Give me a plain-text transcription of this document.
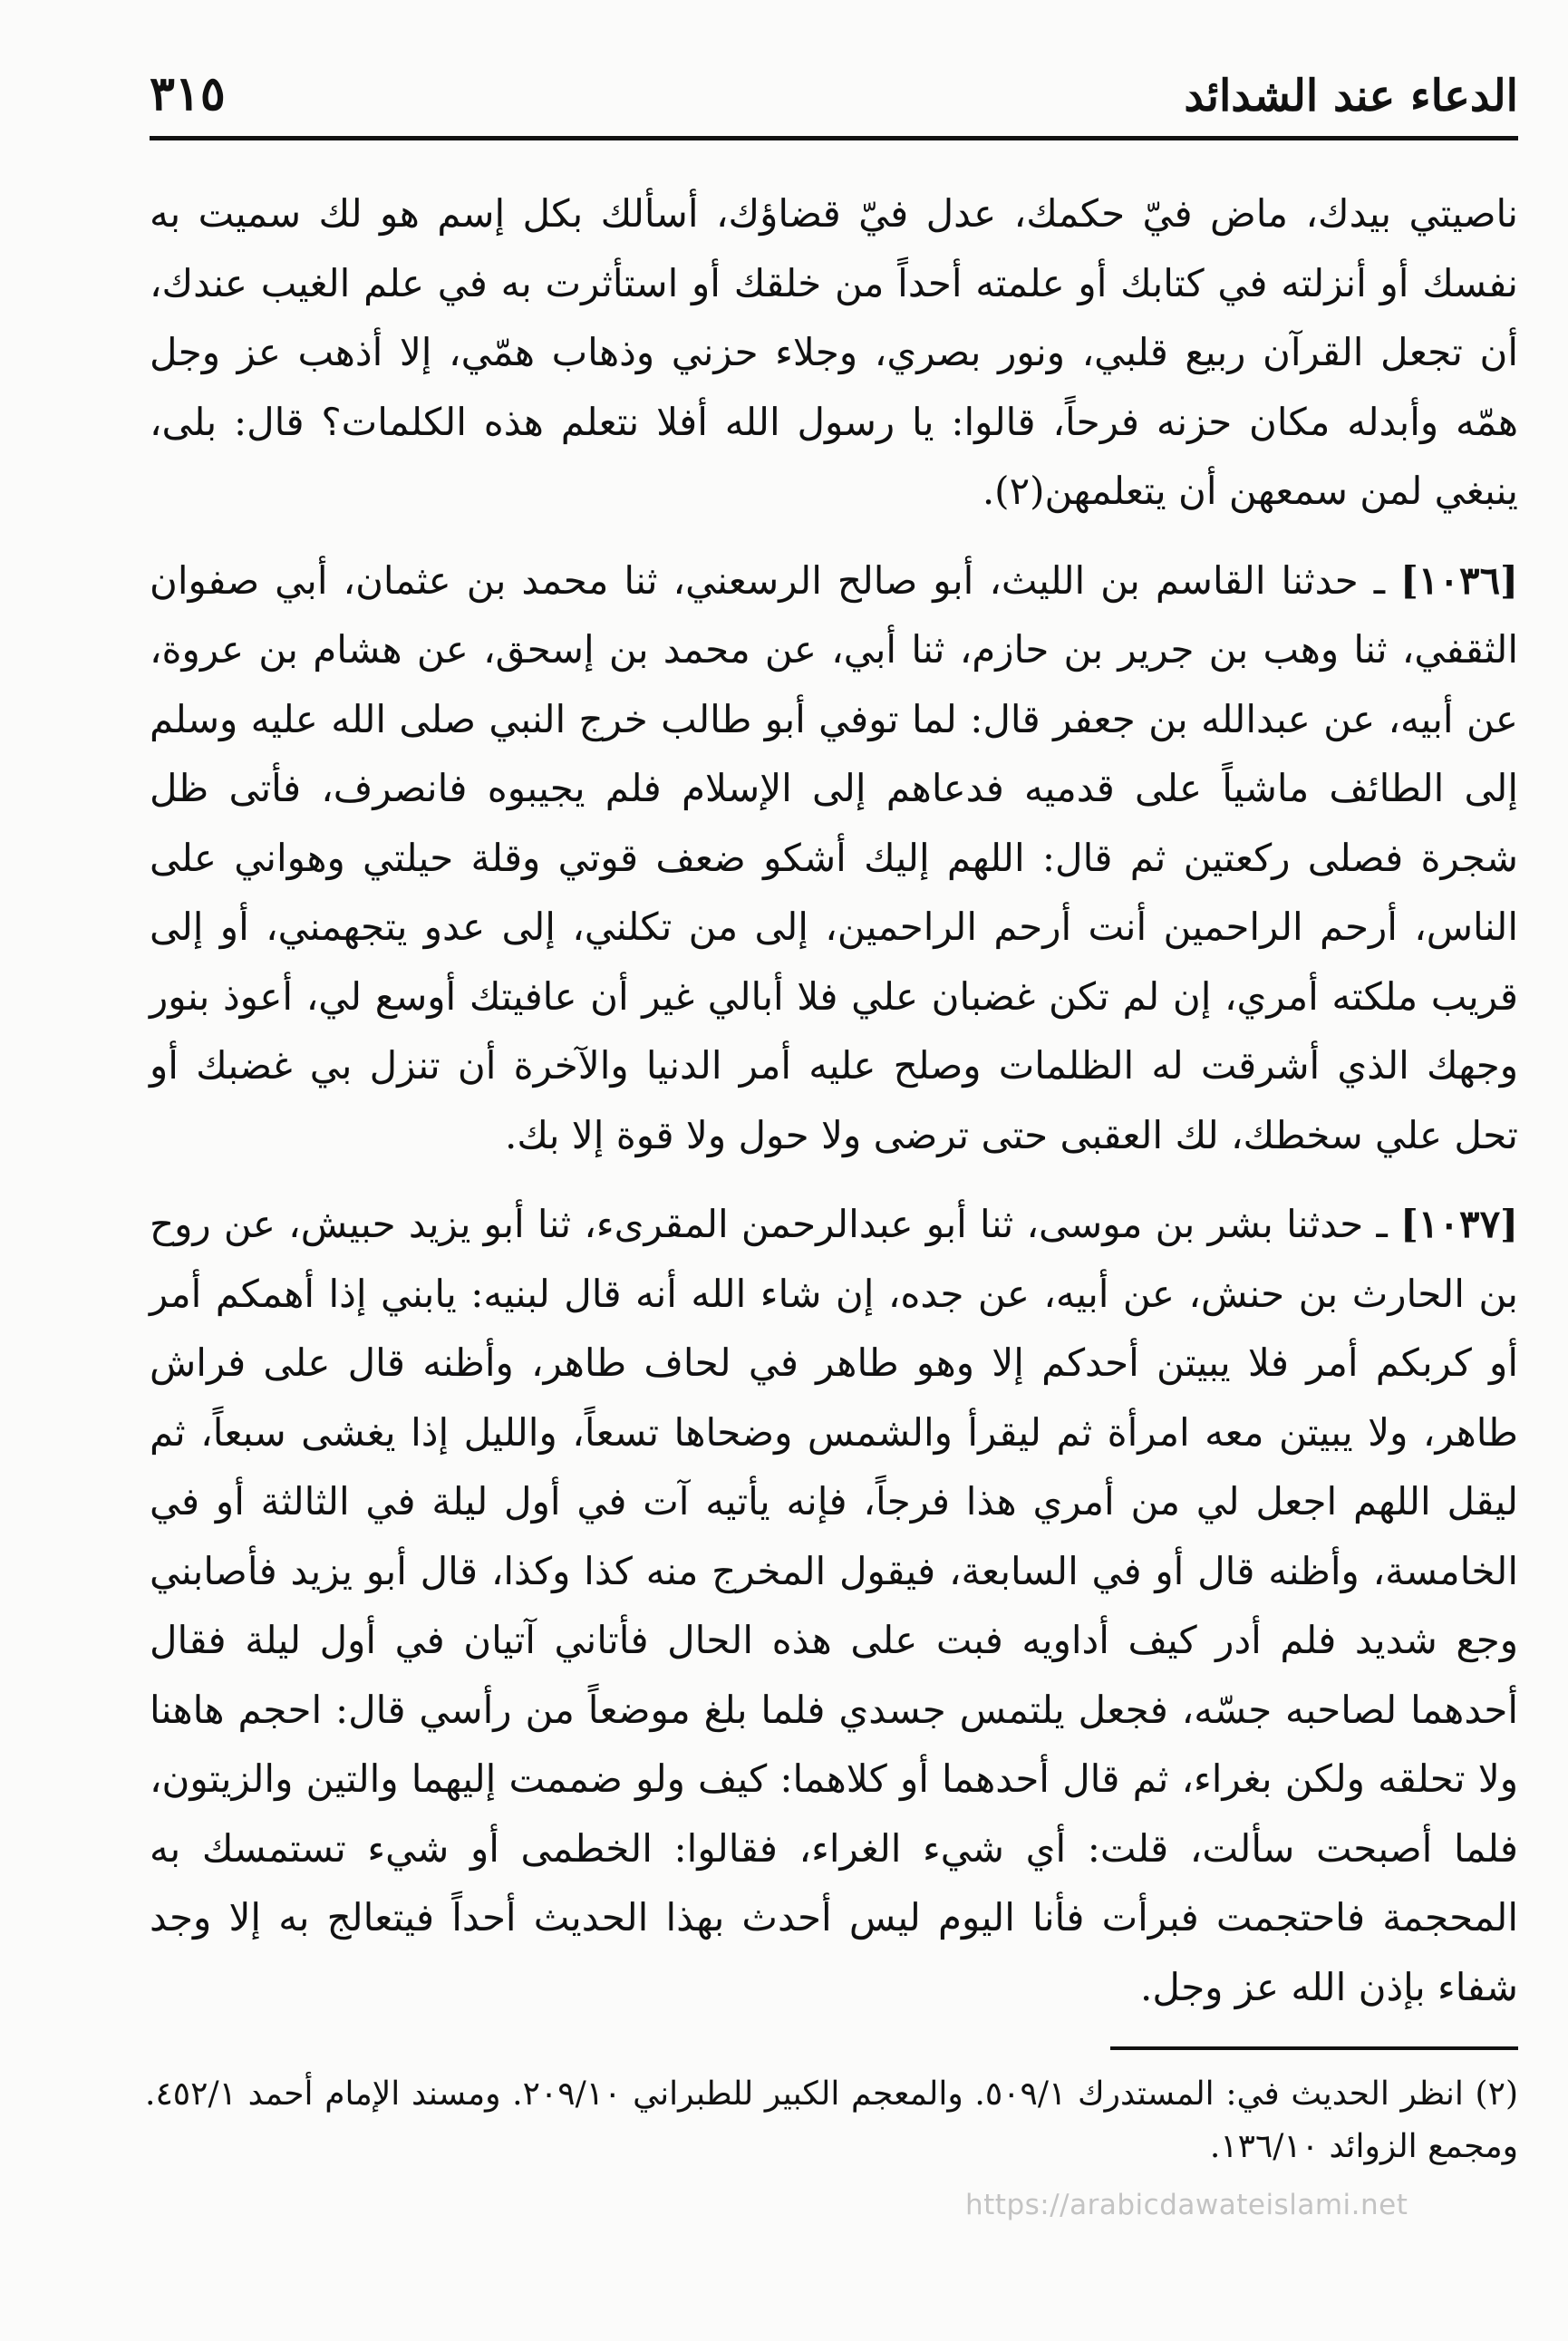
الدعاء عند الشدائد
٣١٥

ناصيتي بيدك، ماض فيّ حكمك، عدل فيّ قضاؤك، أسألك بكل إسم هو لك سميت به نفسك أو أنزلته في كتابك أو علمته أحداً من خلقك أو استأثرت به في علم الغيب عندك، أن تجعل القرآن ربيع قلبي، ونور بصري، وجلاء حزني وذهاب همّي، إلا أذهب عز وجل همّه وأبدله مكان حزنه فرحاً، قالوا: يا رسول الله أفلا نتعلم هذه الكلمات؟ قال: بلى، ينبغي لمن سمعهن أن يتعلمهن(٢).

[١٠٣٦] ـ حدثنا القاسم بن الليث، أبو صالح الرسعني، ثنا محمد بن عثمان، أبي صفوان الثقفي، ثنا وهب بن جرير بن حازم، ثنا أبي، عن محمد بن إسحق، عن هشام بن عروة، عن أبيه، عن عبدالله بن جعفر قال: لما توفي أبو طالب خرج النبي صلى الله عليه وسلم إلى الطائف ماشياً على قدميه فدعاهم إلى الإسلام فلم يجيبوه فانصرف، فأتى ظل شجرة فصلى ركعتين ثم قال: اللهم إليك أشكو ضعف قوتي وقلة حيلتي وهواني على الناس، أرحم الراحمين أنت أرحم الراحمين، إلى من تكلني، إلى عدو يتجهمني، أو إلى قريب ملكته أمري، إن لم تكن غضبان علي فلا أبالي غير أن عافيتك أوسع لي، أعوذ بنور وجهك الذي أشرقت له الظلمات وصلح عليه أمر الدنيا والآخرة أن تنزل بي غضبك أو تحل علي سخطك، لك العقبى حتى ترضى ولا حول ولا قوة إلا بك.

[١٠٣٧] ـ حدثنا بشر بن موسى، ثنا أبو عبدالرحمن المقرىء، ثنا أبو يزيد حبيش، عن روح بن الحارث بن حنش، عن أبيه، عن جده، إن شاء الله أنه قال لبنيه: يابني إذا أهمكم أمر أو كربكم أمر فلا يبيتن أحدكم إلا وهو طاهر في لحاف طاهر، وأظنه قال على فراش طاهر، ولا يبيتن معه امرأة ثم ليقرأ والشمس وضحاها تسعاً، والليل إذا يغشى سبعاً، ثم ليقل اللهم اجعل لي من أمري هذا فرجاً، فإنه يأتيه آت في أول ليلة في الثالثة أو في الخامسة، وأظنه قال أو في السابعة، فيقول المخرج منه كذا وكذا، قال أبو يزيد فأصابني وجع شديد فلم أدر كيف أداويه فبت على هذه الحال فأتاني آتيان في أول ليلة فقال أحدهما لصاحبه جسّه، فجعل يلتمس جسدي فلما بلغ موضعاً من رأسي قال: احجم هاهنا ولا تحلقه ولكن بغراء، ثم قال أحدهما أو كلاهما: كيف ولو ضممت إليهما والتين والزيتون، فلما أصبحت سألت، قلت: أي شيء الغراء، فقالوا: الخطمى أو شيء تستمسك به المحجمة فاحتجمت فبرأت فأنا اليوم ليس أحدث بهذا الحديث أحداً فيتعالج به إلا وجد شفاء بإذن الله عز وجل.

(٢) انظر الحديث في: المستدرك ٥٠٩/١. والمعجم الكبير للطبراني ٢٠٩/١٠. ومسند الإمام أحمد ٤٥٢/١. ومجمع الزوائد ١٣٦/١٠.

https://arabicdawateislami.net
